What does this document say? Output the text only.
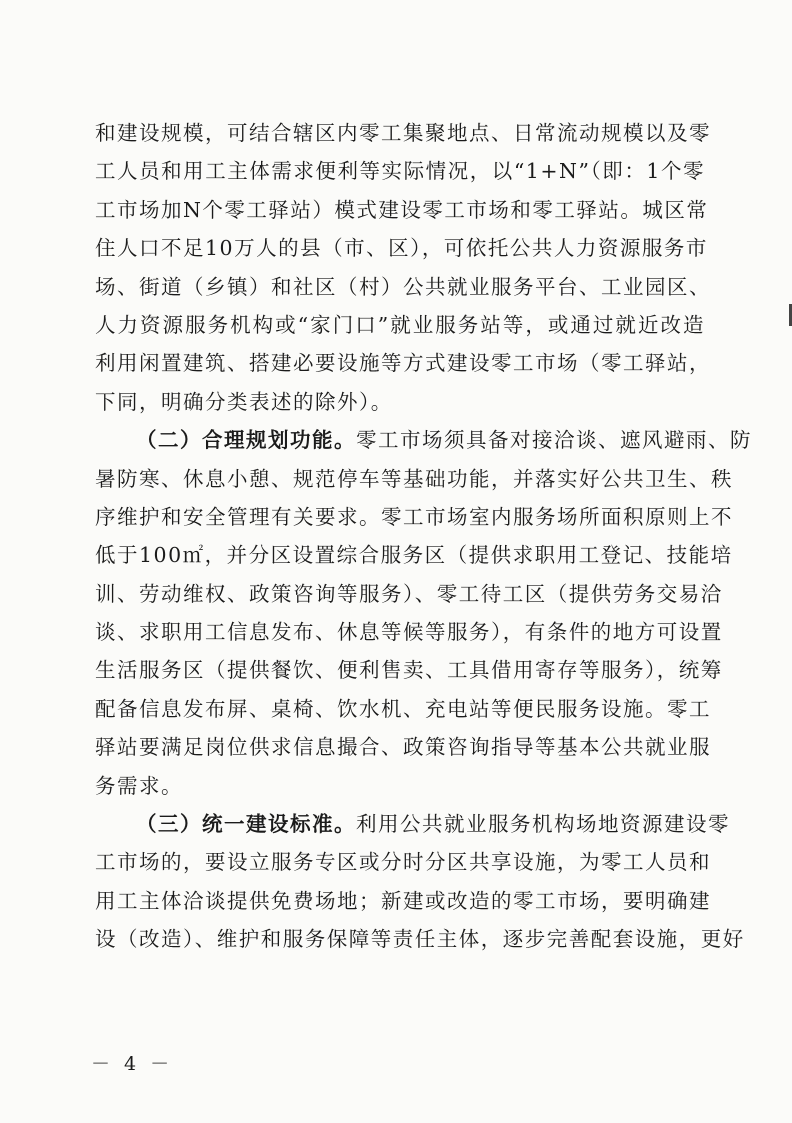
和建设规模，可结合辖区内零工集聚地点、日常流动规模以及零
工人员和用工主体需求便利等实际情况，以“1+N”（即：1个零
工市场加N个零工驿站）模式建设零工市场和零工驿站。城区常
住人口不足10万人的县（市、区），可依托公共人力资源服务市
场、街道（乡镇）和社区（村）公共就业服务平台、工业园区、
人力资源服务机构或“家门口”就业服务站等，或通过就近改造
利用闲置建筑、搭建必要设施等方式建设零工市场（零工驿站，
下同，明确分类表述的除外）。
（二）合理规划功能。零工市场须具备对接洽谈、遮风避雨、防
暑防寒、休息小憩、规范停车等基础功能，并落实好公共卫生、秩
序维护和安全管理有关要求。零工市场室内服务场所面积原则上不
低于100㎡，并分区设置综合服务区（提供求职用工登记、技能培
训、劳动维权、政策咨询等服务）、零工待工区（提供劳务交易洽
谈、求职用工信息发布、休息等候等服务），有条件的地方可设置
生活服务区（提供餐饮、便利售卖、工具借用寄存等服务），统筹
配备信息发布屏、桌椅、饮水机、充电站等便民服务设施。零工
驿站要满足岗位供求信息撮合、政策咨询指导等基本公共就业服
务需求。
（三）统一建设标准。利用公共就业服务机构场地资源建设零
工市场的，要设立服务专区或分时分区共享设施，为零工人员和
用工主体洽谈提供免费场地；新建或改造的零工市场，要明确建
设（改造）、维护和服务保障等责任主体，逐步完善配套设施，更好
－ 4 －
